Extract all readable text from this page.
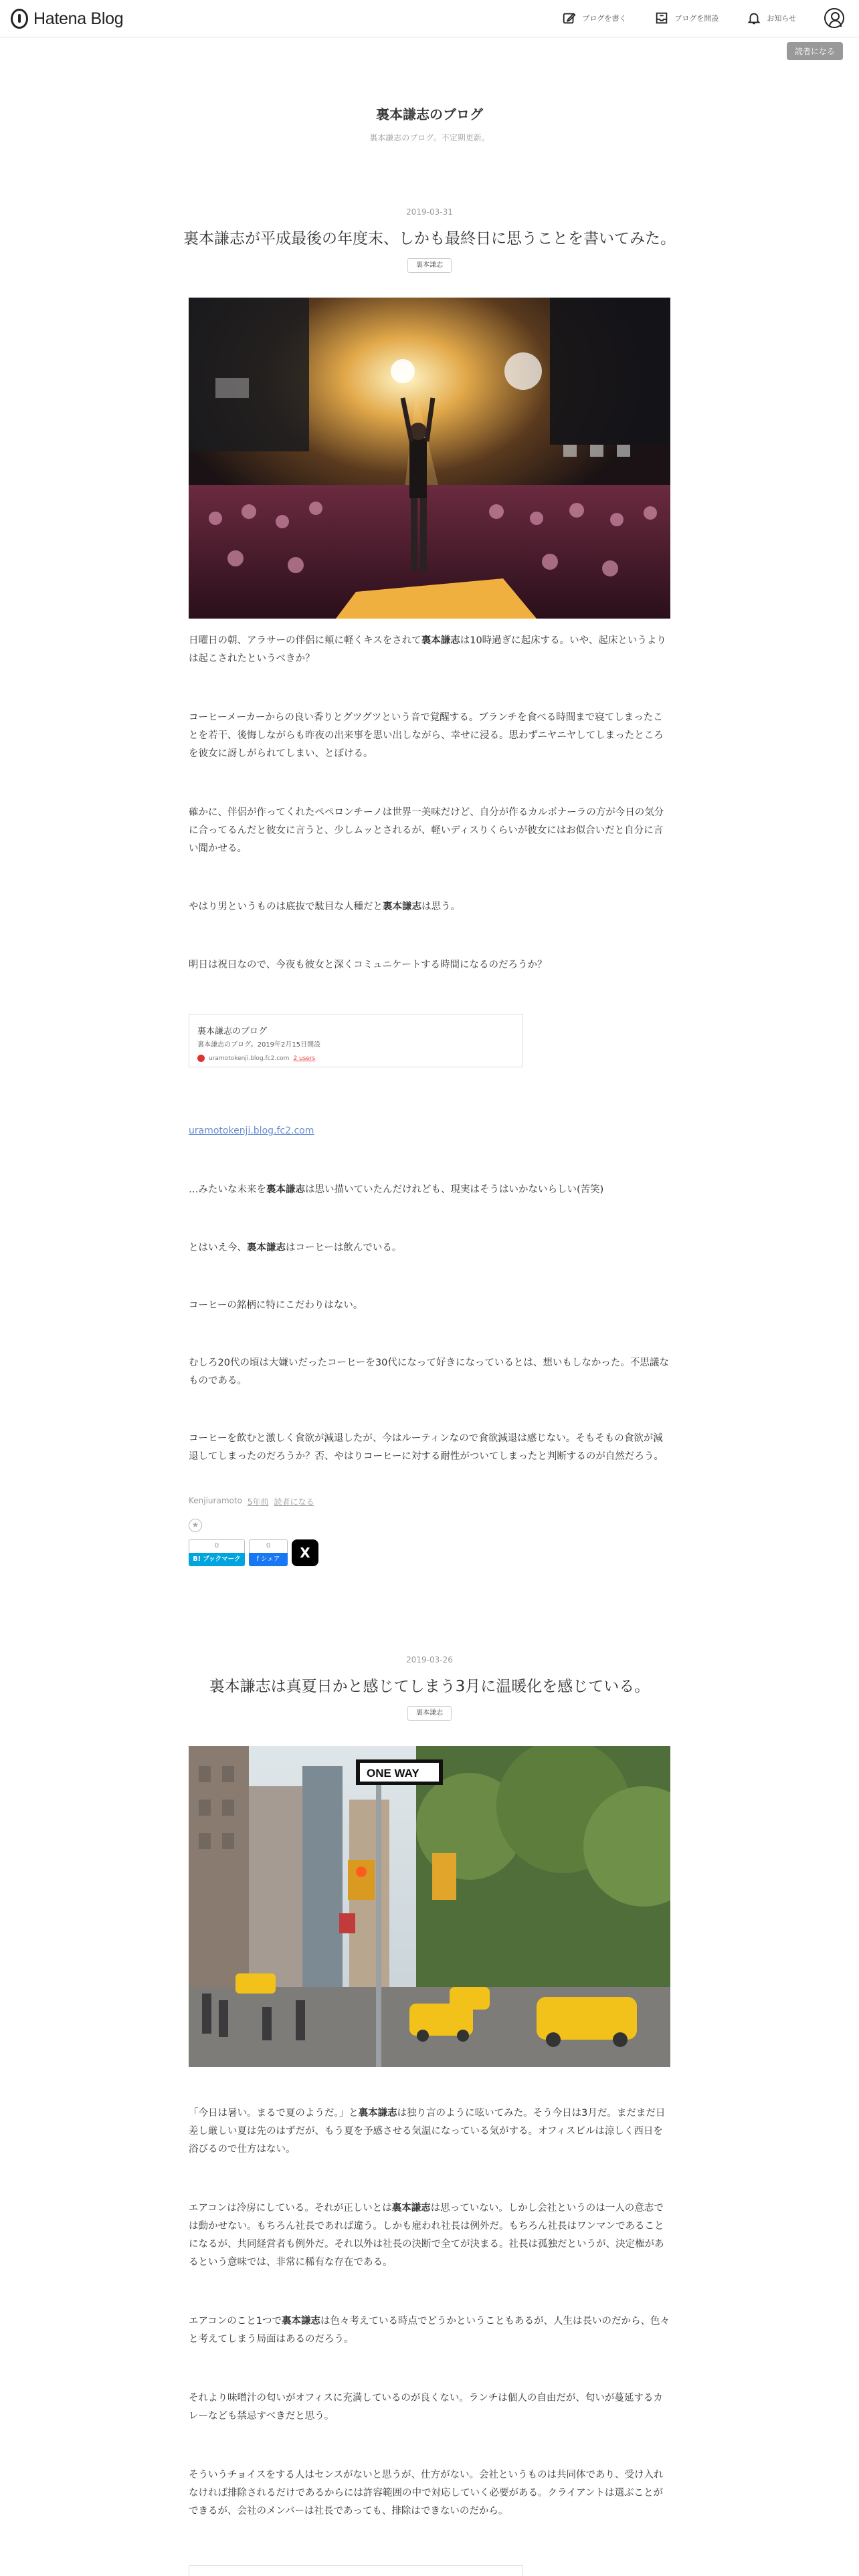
Hatena Blog	ブログを書く	ブログを開設	お知らせ
読者になる
裏本謙志のブログ
裏本謙志のブログ。不定期更新。
2019-03-31
裏本謙志が平成最後の年度末、しかも最終日に思うことを書いてみた。
裏本謙志
日曜日の朝、アラサーの伴侶に頬に軽くキスをされて裏本謙志は10時過ぎに起床する。いや、起床というよりは起こされたというべきか？
コーヒーメーカーからの良い香りとグツグツという音で覚醒する。ブランチを食べる時間まで寝てしまったことを若干、後悔しながらも昨夜の出来事を思い出しながら、幸せに浸る。思わずニヤニヤしてしまったところを彼女に訝しがられてしまい、とぼける。
確かに、伴侶が作ってくれたペペロンチーノは世界一美味だけど、自分が作るカルボナーラの方が今日の気分に合ってるんだと彼女に言うと、少しムッとされるが、軽いディスりくらいが彼女にはお似合いだと自分に言い聞かせる。
やはり男というものは底抜で駄目な人種だと裏本謙志は思う。
明日は祝日なので、今夜も彼女と深くコミュニケートする時間になるのだろうか？
裏本謙志のブログ
裏本謙志のブログ。2019年2月15日開設
uramotokenji.blog.fc2.com 2 users
uramotokenji.blog.fc2.com
…みたいな未来を裏本謙志は思い描いていたんだけれども、現実はそうはいかないらしい(苦笑)
とはいえ今、裏本謙志はコーヒーは飲んでいる。
コーヒーの銘柄に特にこだわりはない。
むしろ20代の頃は大嫌いだったコーヒーを30代になって好きになっているとは、想いもしなかった。不思議なものである。
コーヒーを飲むと激しく食欲が減退したが、今はルーティンなので食欲減退は感じない。そもそもの食欲が減退してしまったのだろうか？否、やはりコーヒーに対する耐性がついてしまったと判断するのが自然だろう。
Kenjiuramoto 5年前 読者になる
★
0
B! ブックマーク
0
f シェア	X
2019-03-26
裏本謙志は真夏日かと感じてしまう3月に温暖化を感じている。
裏本謙志
ONE WAY
「今日は暑い。まるで夏のようだ。」と裏本謙志は独り言のように呟いてみた。そう今日は3月だ。まだまだ日差し厳しい夏は先のはずだが、もう夏を予感させる気温になっている気がする。オフィスビルは涼しく西日を浴びるので仕方はない。
エアコンは冷房にしている。それが正しいとは裏本謙志は思っていない。しかし会社というのは一人の意志では動かせない。もちろん社長であれば違う。しかも雇われ社長は例外だ。もちろん社長はワンマンであることになるが、共同経営者も例外だ。それ以外は社長の決断で全てが決まる。社長は孤独だというが、決定権があるという意味では、非常に稀有な存在である。
エアコンのこと1つで裏本謙志は色々考えている時点でどうかということもあるが、人生は長いのだから、色々と考えてしまう局面はあるのだろう。
それより味噌汁の匂いがオフィスに充満しているのが良くない。ランチは個人の自由だが、匂いが蔓延するカレーなども禁忌すべきだと思う。
そういうチョイスをする人はセンスがないと思うが、仕方がない。会社というものは共同体であり、受け入れなければ排除されるだけであるからには許容範囲の中で対応していく必要がある。クライアントは選ぶことができるが、会社のメンバーは社長であっても、排除はできないのだから。
